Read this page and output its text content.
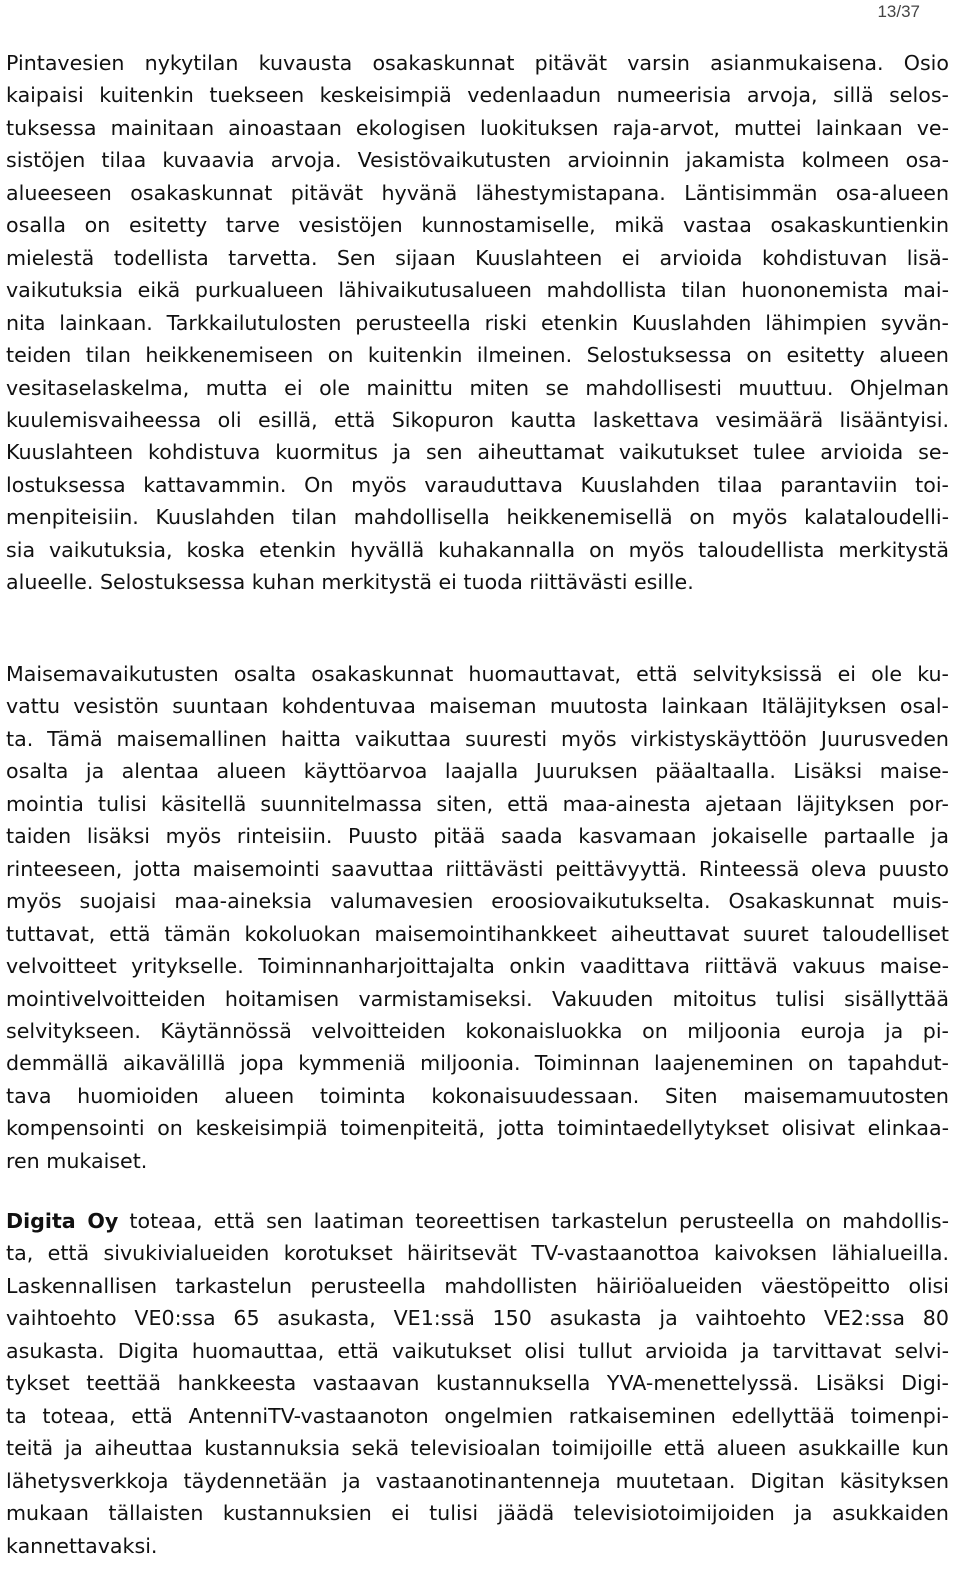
13/37
Pintavesien nykytilan kuvausta osakaskunnat pitävät varsin asianmukaisena. Osio
kaipaisi kuitenkin tuekseen keskeisimpiä vedenlaadun numeerisia arvoja, sillä selos-
tuksessa mainitaan ainoastaan ekologisen luokituksen raja-arvot, muttei lainkaan ve-
sistöjen tilaa kuvaavia arvoja. Vesistövaikutusten arvioinnin jakamista kolmeen osa-
alueeseen osakaskunnat pitävät hyvänä lähestymistapana. Läntisimmän osa-alueen
osalla on esitetty tarve vesistöjen kunnostamiselle, mikä vastaa osakaskuntienkin
mielestä todellista tarvetta. Sen sijaan Kuuslahteen ei arvioida kohdistuvan lisä-
vaikutuksia eikä purkualueen lähivaikutusalueen mahdollista tilan huononemista mai-
nita lainkaan. Tarkkailutulosten perusteella riski etenkin Kuuslahden lähimpien syvän-
teiden tilan heikkenemiseen on kuitenkin ilmeinen. Selostuksessa on esitetty alueen
vesitaselaskelma, mutta ei ole mainittu miten se mahdollisesti muuttuu. Ohjelman
kuulemisvaiheessa oli esillä, että Sikopuron kautta laskettava vesimäärä lisääntyisi.
Kuuslahteen kohdistuva kuormitus ja sen aiheuttamat vaikutukset tulee arvioida se-
lostuksessa kattavammin. On myös varauduttava Kuuslahden tilaa parantaviin toi-
menpiteisiin. Kuuslahden tilan mahdollisella heikkenemisellä on myös kalataloudelli-
sia vaikutuksia, koska etenkin hyvällä kuhakannalla on myös taloudellista merkitystä
alueelle. Selostuksessa kuhan merkitystä ei tuoda riittävästi esille.
Maisemavaikutusten osalta osakaskunnat huomauttavat, että selvityksissä ei ole ku-
vattu vesistön suuntaan kohdentuvaa maiseman muutosta lainkaan Itäläjityksen osal-
ta. Tämä maisemallinen haitta vaikuttaa suuresti myös virkistyskäyttöön Juurusveden
osalta ja alentaa alueen käyttöarvoa laajalla Juuruksen pääaltaalla. Lisäksi maise-
mointia tulisi käsitellä suunnitelmassa siten, että maa-ainesta ajetaan läjityksen por-
taiden lisäksi myös rinteisiin. Puusto pitää saada kasvamaan jokaiselle partaalle ja
rinteeseen, jotta maisemointi saavuttaa riittävästi peittävyyttä. Rinteessä oleva puusto
myös suojaisi maa-aineksia valumavesien eroosiovaikutukselta. Osakaskunnat muis-
tuttavat, että tämän kokoluokan maisemointihankkeet aiheuttavat suuret taloudelliset
velvoitteet yritykselle. Toiminnanharjoittajalta onkin vaadittava riittävä vakuus maise-
mointivelvoitteiden hoitamisen varmistamiseksi. Vakuuden mitoitus tulisi sisällyttää
selvitykseen. Käytännössä velvoitteiden kokonaisluokka on miljoonia euroja ja pi-
demmällä aikavälillä jopa kymmeniä miljoonia. Toiminnan laajeneminen on tapahdut-
tava huomioiden alueen toiminta kokonaisuudessaan. Siten maisemamuutosten
kompensointi on keskeisimpiä toimenpiteitä, jotta toimintaedellytykset olisivat elinkaa-
ren mukaiset.
Digita Oy toteaa, että sen laatiman teoreettisen tarkastelun perusteella on mahdollis-
ta, että sivukivialueiden korotukset häiritsevät TV-vastaanottoa kaivoksen lähialueilla.
Laskennallisen tarkastelun perusteella mahdollisten häiriöalueiden väestöpeitto olisi
vaihtoehto VE0:ssa 65 asukasta, VE1:ssä 150 asukasta ja vaihtoehto VE2:ssa 80
asukasta. Digita huomauttaa, että vaikutukset olisi tullut arvioida ja tarvittavat selvi-
tykset teettää hankkeesta vastaavan kustannuksella YVA-menettelyssä. Lisäksi Digi-
ta toteaa, että AntenniTV-vastaanoton ongelmien ratkaiseminen edellyttää toimenpi-
teitä ja aiheuttaa kustannuksia sekä televisioalan toimijoille että alueen asukkaille kun
lähetysverkkoja täydennetään ja vastaanotinantenneja muutetaan. Digitan käsityksen
mukaan tällaisten kustannuksien ei tulisi jäädä televisiotoimijoiden ja asukkaiden
kannettavaksi.
